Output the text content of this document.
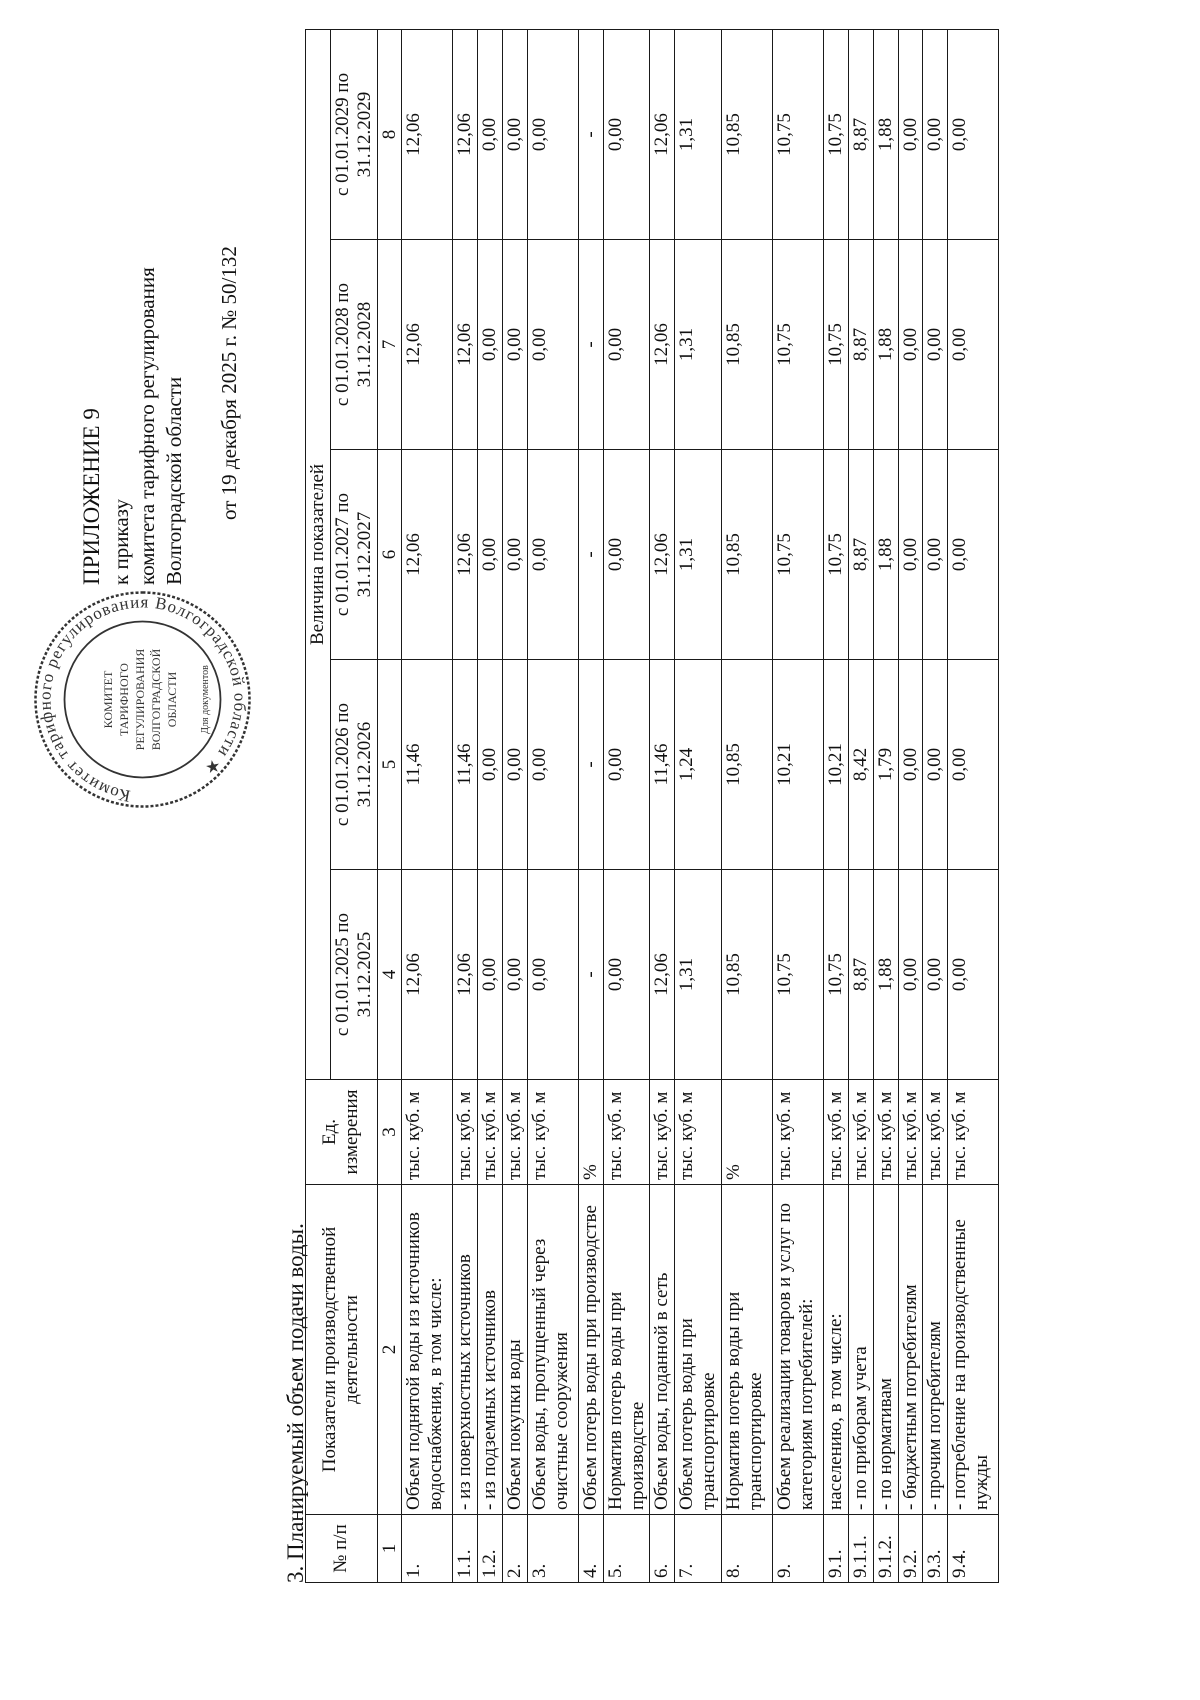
ПРИЛОЖЕНИЕ 9 к приказу комитета тарифного регулирования Волгоградской области от 19 декабря 2025 г. № 50/132
Комитет тарифного регулирования Волгоградской области ★
КОМИТЕТ ТАРИФНОГО РЕГУЛИРОВАНИЯ ВОЛГОГРАДСКОЙ ОБЛАСТИ Для документов
3. Планируемый объем подачи воды. № п/п	Показатели производственной деятельности	Ед. измерения	Величина показателей				
			с 01.01.2025 по 31.12.2025	с 01.01.2026 по 31.12.2026	с 01.01.2027 по 31.12.2027	с 01.01.2028 по 31.12.2028	с 01.01.2029 по 31.12.2029
1	2	3	4	5	6	7	8
1.	Объем поднятой воды из источников водоснабжения, в том числе:	тыс. куб. м	12,06	11,46	12,06	12,06	12,06
1.1.	- из поверхностных источников	тыс. куб. м	12,06	11,46	12,06	12,06	12,06
1.2.	- из подземных источников	тыс. куб. м	0,00	0,00	0,00	0,00	0,00
2.	Объем покупки воды	тыс. куб. м	0,00	0,00	0,00	0,00	0,00
3.	Объем воды, пропущенный через очистные сооружения	тыс. куб. м	0,00	0,00	0,00	0,00	0,00
4.	Объем потерь воды при производстве	%	-	-	-	-	-
5.	Норматив потерь воды при производстве	тыс. куб. м	0,00	0,00	0,00	0,00	0,00
6.	Объем воды, поданной в сеть	тыс. куб. м	12,06	11,46	12,06	12,06	12,06
7.	Объем потерь воды при транспортировке	тыс. куб. м	1,31	1,24	1,31	1,31	1,31
8.	Норматив потерь воды при транспортировке	%	10,85	10,85	10,85	10,85	10,85
9.	Объем реализации товаров и услуг по категориям потребителей:	тыс. куб. м	10,75	10,21	10,75	10,75	10,75
9.1.	населению, в том числе:	тыс. куб. м	10,75	10,21	10,75	10,75	10,75
9.1.1.	- по приборам учета	тыс. куб. м	8,87	8,42	8,87	8,87	8,87
9.1.2.	- по нормативам	тыс. куб. м	1,88	1,79	1,88	1,88	1,88
9.2.	- бюджетным потребителям	тыс. куб. м	0,00	0,00	0,00	0,00	0,00
9.3.	- прочим потребителям	тыс. куб. м	0,00	0,00	0,00	0,00	0,00
9.4.	- потребление на производственные нужды	тыс. куб. м	0,00	0,00	0,00	0,00	0,00
